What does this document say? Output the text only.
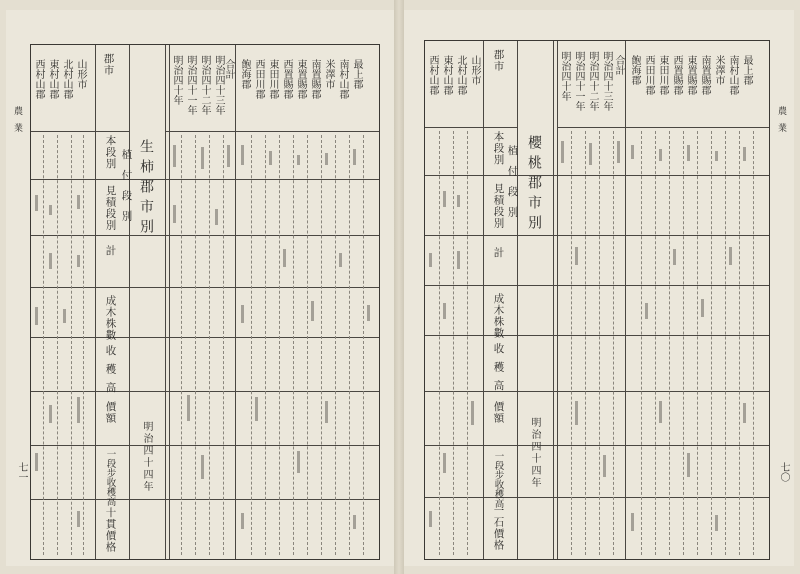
農業
七一
郡市
本段別
見積段別
計
植付段別
成木株數
收穫高
價額
一段步收穫高
十貫價格
生柿郡市別
明治四十四年
西村山郡 東村山郡 北村山郡 山形市	明治四十年 明治四十一年 明治四十二年 明治四十三年 合計 飽海郡 西田川郡 東田川郡 西置賜郡 東置賜郡 南置賜郡 米澤市 南村山郡 最上郡
農業
七〇
郡市
本段別
見積段別
計
植付段別
成木株數
收穫高
價額
一段步收穫高
一石價格
櫻桃郡市別
明治四十四年
西村山郡 東村山郡 北村山郡 山形市	明治四十年 明治四十一年 明治四十二年 明治四十三年 合計 飽海郡 西田川郡 東田川郡 西置賜郡 東置賜郡 南置賜郡 米澤市 南村山郡 最上郡
